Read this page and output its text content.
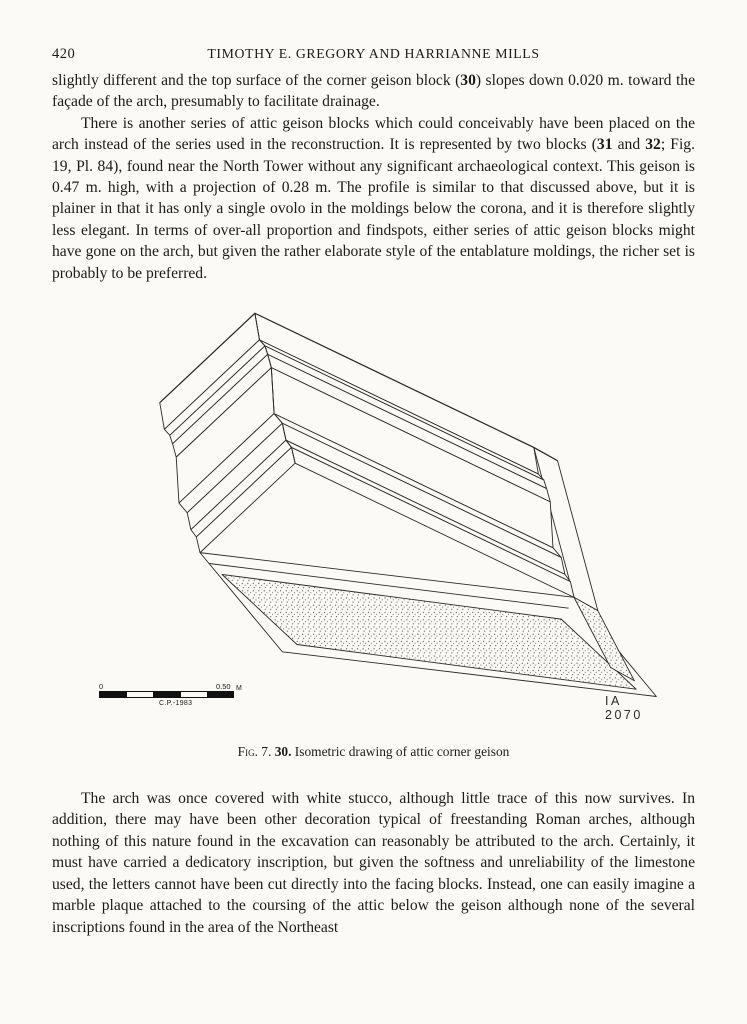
420	TIMOTHY E. GREGORY AND HARRIANNE MILLS

slightly different and the top surface of the corner geison block (30) slopes down 0.020 m. toward the façade of the arch, presumably to facilitate drainage.

There is another series of attic geison blocks which could conceivably have been placed on the arch instead of the series used in the reconstruction. It is represented by two blocks (31 and 32; Fig. 19, Pl. 84), found near the North Tower without any significant archaeological context. This geison is 0.47 m. high, with a projection of 0.28 m. The profile is similar to that discussed above, but it is plainer in that it has only a single ovolo in the moldings below the corona, and it is therefore slightly less elegant. In terms of over-all proportion and findspots, either series of attic geison blocks might have gone on the arch, but given the rather elaborate style of the entablature moldings, the richer set is probably to be preferred.

0	0.50 M
C.P.-1983	IA 2070
Fig. 7. 30. Isometric drawing of attic corner geison

The arch was once covered with white stucco, although little trace of this now survives. In addition, there may have been other decoration typical of freestanding Roman arches, although nothing of this nature found in the excavation can reasonably be attributed to the arch. Certainly, it must have carried a dedicatory inscription, but given the softness and unreliability of the limestone used, the letters cannot have been cut directly into the facing blocks. Instead, one can easily imagine a marble plaque attached to the coursing of the attic below the geison although none of the several inscriptions found in the area of the Northeast
